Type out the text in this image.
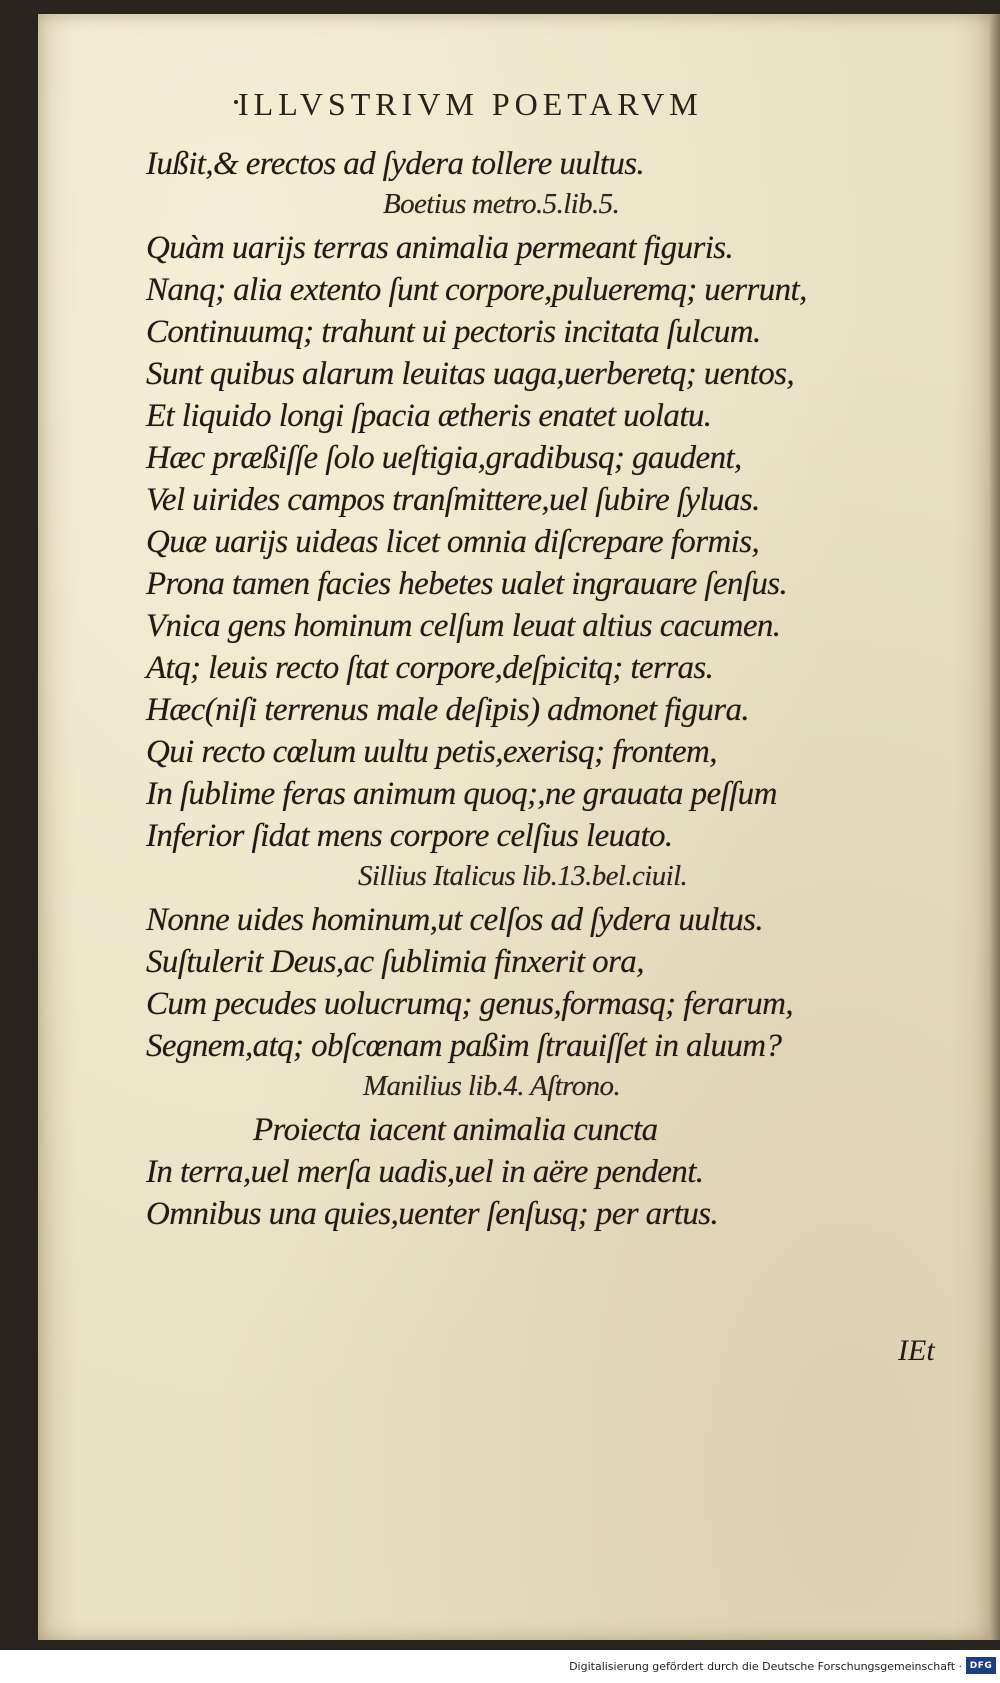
ILLVSTRIVM POETARVM
Iußit,& erectos ad ſydera tollere uultus.
Boetius metro.5.lib.5.
Quàm uarijs terras animalia permeant figuris.
Nanq; alia extento ſunt corpore,pulueremq; uerrunt,
Continuumq; trahunt ui pectoris incitata ſulcum.
Sunt quibus alarum leuitas uaga,uerberetq; uentos,
Et liquido longi ſpacia ætheris enatet uolatu.
Hæc præßiſſe ſolo ueſtigia,gradibusq; gaudent,
Vel uirides campos tranſmittere,uel ſubire ſyluas.
Quæ uarijs uideas licet omnia diſcrepare formis,
Prona tamen facies hebetes ualet ingrauare ſenſus.
Vnica gens hominum celſum leuat altius cacumen.
Atq; leuis recto ſtat corpore,deſpicitq; terras.
Hæc(niſi terrenus male deſipis) admonet figura.
Qui recto cœlum uultu petis,exerisq; frontem,
In ſublime feras animum quoq;,ne grauata peſſum
Inferior ſidat mens corpore celſius leuato.
Sillius Italicus lib.13.bel.ciuil.
Nonne uides hominum,ut celſos ad ſydera uultus.
Suſtulerit Deus,ac ſublimia finxerit ora,
Cum pecudes uolucrumq; genus,formasq; ferarum,
Segnem,atq; obſcœnam paßim ſtrauiſſet in aluum?
Manilius lib.4. Aſtrono.
Proiecta iacent animalia cuncta
In terra,uel merſa uadis,uel in aëre pendent.
Omnibus una quies,uenter ſenſusq; per artus.
IEt
Digitalisierung gefördert durch die Deutsche Forschungsgemeinschaft · DFG
